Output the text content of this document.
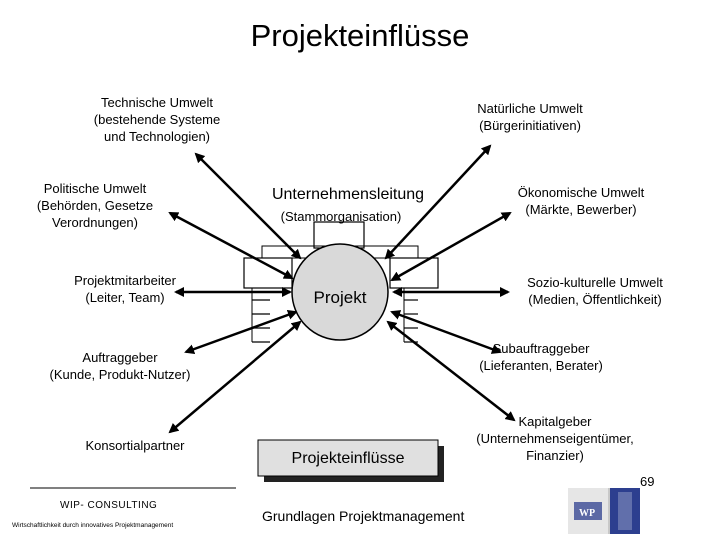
Projekteinflüsse
Technische Umwelt
(bestehende Systeme
und Technologien)
Natürliche Umwelt
(Bürgerinitiativen)
Politische Umwelt
(Behörden, Gesetze
Verordnungen)
Unternehmensleitung
(Stammorganisation)
Ökonomische Umwelt
(Märkte, Bewerber)
Projektmitarbeiter
(Leiter, Team)	Projekt
Sozio-kulturelle Umwelt
(Medien, Öffentlichkeit)
Auftraggeber
(Kunde, Produkt-Nutzer)
Subauftraggeber
(Lieferanten, Berater)
Konsortialpartner
Kapitalgeber
(Unternehmenseigentümer,
Finanzier)
Projekteinflüsse
WIP- CONSULTING
Wirtschaftlichkeit durch innovatives Projektmanagement
Grundlagen Projektmanagement
69
WP
